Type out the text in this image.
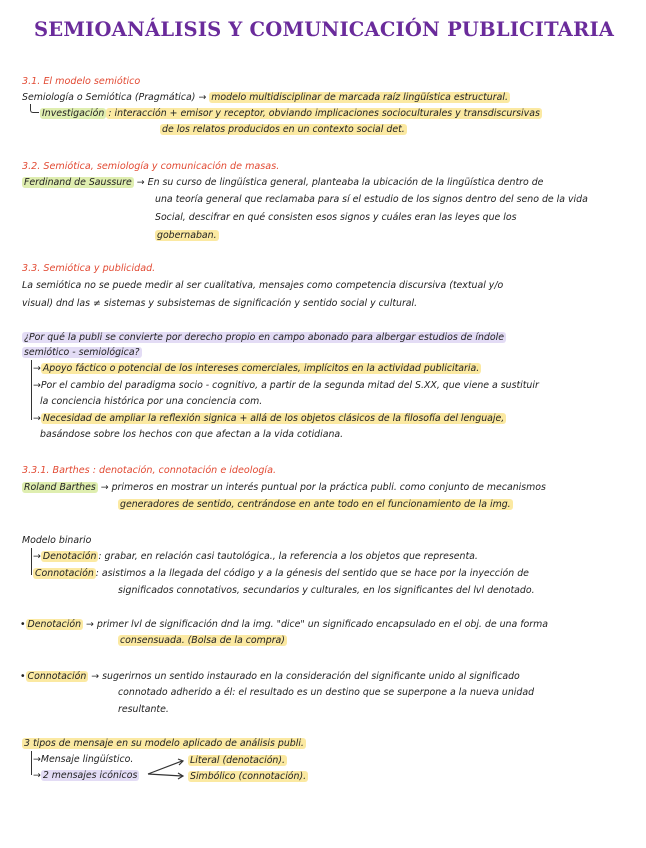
SEMIOANÁLISIS Y COMUNICACIÓN PUBLICITARIA
3.1. El modelo semiótico
Semiología o Semiótica (Pragmática) → modelo multidisciplinar de marcada raíz lingüística estructural.
Investigación : interacción + emisor y receptor, obviando implicaciones socioculturales y transdiscursivas
de los relatos producidos en un contexto social det.
3.2. Semiótica, semiología y comunicación de masas.
Ferdinand de Saussure → En su curso de lingüística general, planteaba la ubicación de la lingüística dentro de
una teoría general que reclamaba para sí el estudio de los signos dentro del seno de la vida
Social, descifrar en qué consisten esos signos y cuáles eran las leyes que los
gobernaban.
3.3. Semiótica y publicidad.
La semiótica no se puede medir al ser cualitativa, mensajes como competencia discursiva (textual y/o
visual) dnd las ≠ sistemas y subsistemas de significación y sentido social y cultural.
¿Por qué la publi se convierte por derecho propio en campo abonado para albergar estudios de índole
semiótico - semiológica?
→ Apoyo fáctico o potencial de los intereses comerciales, implícitos en la actividad publicitaria.
→Por el cambio del paradigma socio - cognitivo, a partir de la segunda mitad del S.XX, que viene a sustituir
la conciencia histórica por una conciencia com.
→ Necesidad de ampliar la reflexión signica + allá de los objetos clásicos de la filosofía del lenguaje,
basándose sobre los hechos con que afectan a la vida cotidiana.
3.3.1. Barthes : denotación, connotación e ideología.
Roland Barthes → primeros en mostrar un interés puntual por la práctica publi. como conjunto de mecanismos
generadores de sentido, centrándose en ante todo en el funcionamiento de la img.
Modelo binario
→ Denotación : grabar, en relación casi tautológica., la referencia a los objetos que representa.
Connotación : asistimos a la llegada del código y a la génesis del sentido que se hace por la inyección de
significados connotativos, secundarios y culturales, en los significantes del lvl denotado.
• Denotación → primer lvl de significación dnd la img. "dice" un significado encapsulado en el obj. de una forma
consensuada. (Bolsa de la compra)
• Connotación → sugerirnos un sentido instaurado en la consideración del significante unido al significado
connotado adherido a él: el resultado es un destino que se superpone a la nueva unidad
resultante.
3 tipos de mensaje en su modelo aplicado de análisis publi.
→Mensaje lingüístico.
→ 2 mensajes icónicos
Literal (denotación).
Simbólico (connotación).
